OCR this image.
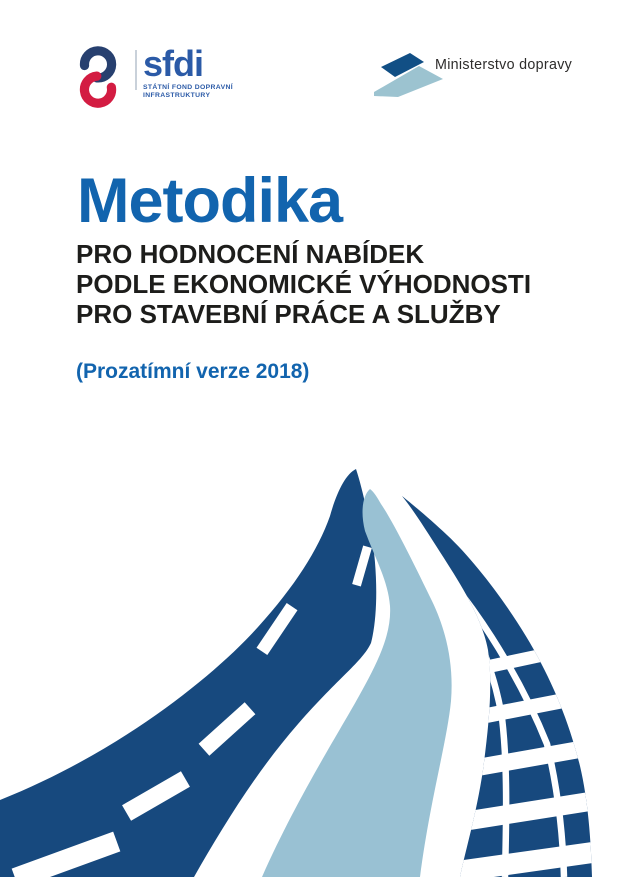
sfdi
STÁTNÍ FOND DOPRAVNÍ
INFRASTRUKTURY
Ministerstvo dopravy
Metodika
PRO HODNOCENÍ NABÍDEK
PODLE EKONOMICKÉ VÝHODNOSTI
PRO STAVEBNÍ PRÁCE A SLUŽBY
(Prozatímní verze 2018)
